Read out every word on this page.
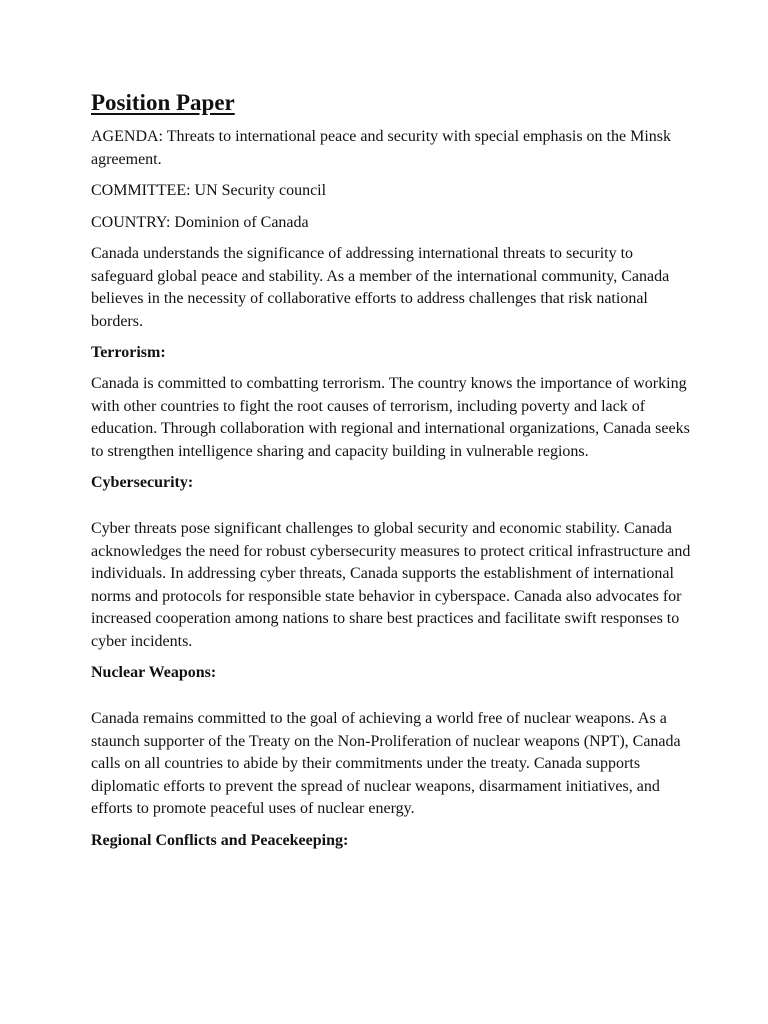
Position Paper
AGENDA: Threats to international peace and security with special emphasis on the Minsk agreement.
COMMITTEE: UN Security council
COUNTRY: Dominion of Canada
Canada understands the significance of addressing international threats to security to safeguard global peace and stability. As a member of the international community, Canada believes in the necessity of collaborative efforts to address challenges that risk national borders.
Terrorism:
Canada is committed to combatting terrorism. The country knows the importance of working with other countries to fight the root causes of terrorism, including poverty and lack of education. Through collaboration with regional and international organizations, Canada seeks to strengthen intelligence sharing and capacity building in vulnerable regions.
Cybersecurity:
Cyber threats pose significant challenges to global security and economic stability. Canada acknowledges the need for robust cybersecurity measures to protect critical infrastructure and individuals. In addressing cyber threats, Canada supports the establishment of international norms and protocols for responsible state behavior in cyberspace. Canada also advocates for increased cooperation among nations to share best practices and facilitate swift responses to cyber incidents.
Nuclear Weapons:
Canada remains committed to the goal of achieving a world free of nuclear weapons. As a staunch supporter of the Treaty on the Non-Proliferation of nuclear weapons (NPT), Canada calls on all countries to abide by their commitments under the treaty. Canada supports diplomatic efforts to prevent the spread of nuclear weapons, disarmament initiatives, and efforts to promote peaceful uses of nuclear energy.
Regional Conflicts and Peacekeeping:
